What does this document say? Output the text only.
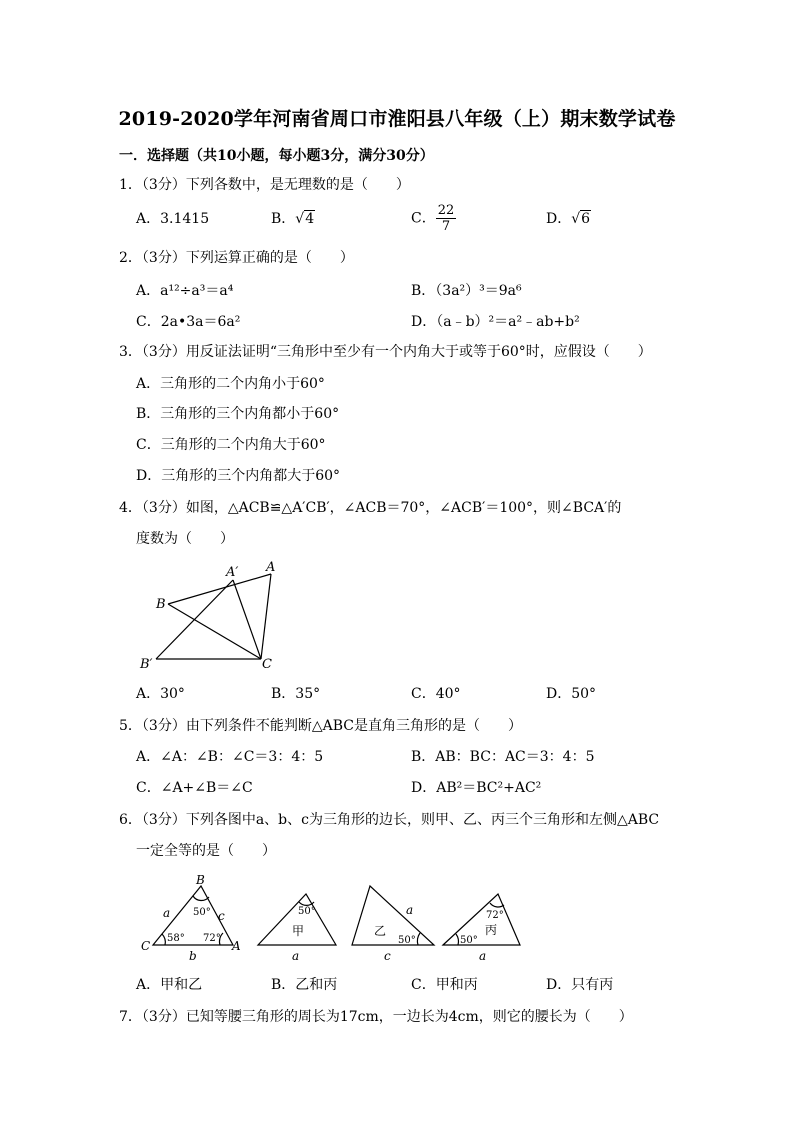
2019-2020学年河南省周口市淮阳县八年级（上）期末数学试卷
一．选择题（共10小题，每小题3分，满分30分）
1．（3分）下列各数中，是无理数的是（　　）
A．3.1415	B．√4	C． $\frac{22}{7}$	D．√6
2．（3分）下列运算正确的是（　　）
A．a¹²÷a³＝a⁴	B．（3a²）³＝9a⁶
C．2a•3a＝6a²	D．（a﹣b）²＝a²﹣ab+b²
3．（3分）用反证法证明“三角形中至少有一个内角大于或等于60°时，应假设（　　）
A．三角形的二个内角小于60°
B．三角形的三个内角都小于60°
C．三角形的二个内角大于60°
D．三角形的三个内角都大于60°
4．（3分）如图，△ACB≌△A′CB′，∠ACB＝70°，∠ACB′＝100°，则∠BCA′的
度数为（　　）
A
A′
B
B′	C
A．30°	B．35°	C．40°	D．50°
5．（3分）由下列条件不能判断△ABC是直角三角形的是（　　）
A．∠A：∠B：∠C＝3：4：5	B．AB：BC：AC＝3：4：5
C．∠A+∠B＝∠C	D．AB²＝BC²+AC²
6．（3分）下列各图中a、b、c为三角形的边长，则甲、乙、丙三个三角形和左侧△ABC
一定全等的是（　　）
B
C	A
a	c
b
50°
58° 72°
50°
甲
a
a
乙
50°
c
72°
丙
50°
a
A．甲和乙	B．乙和丙	C．甲和丙	D．只有丙
7．（3分）已知等腰三角形的周长为17cm，一边长为4cm，则它的腰长为（　　）
